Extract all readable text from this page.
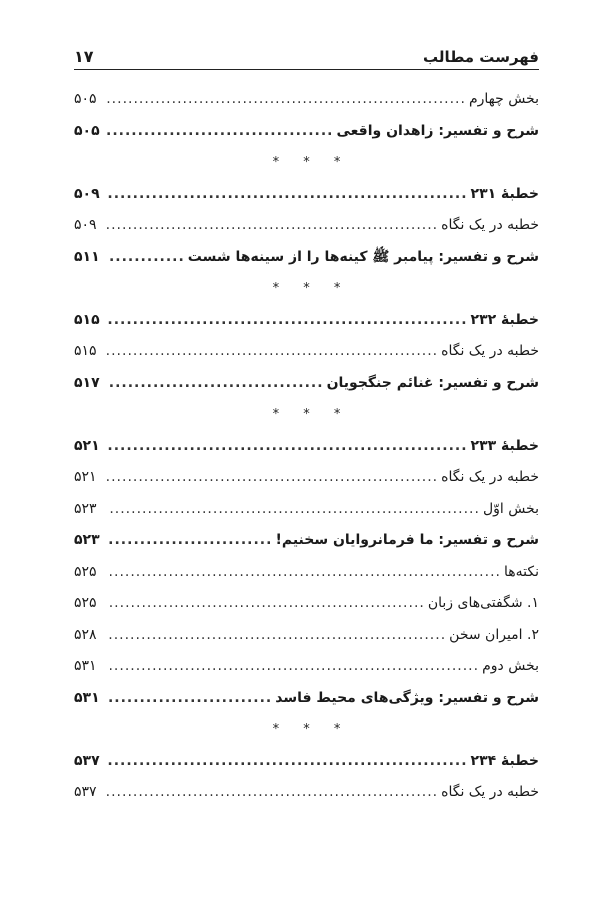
فهرست مطالب
۱۷
بخش چهارم
.....
۵۰۵
شرح و تفسیر: زاهدان واقعی
.....
۵۰۵
* * *
خطبهٔ ۲۳۱
.....
۵۰۹
خطبه در یک نگاه
.....
۵۰۹
شرح و تفسیر: پیامبر ﷺ کینه‌ها را از سینه‌ها شست
.....
۵۱۱
* * *
خطبهٔ ۲۳۲
.....
۵۱۵
خطبه در یک نگاه
.....
۵۱۵
شرح و تفسیر: غنائم جنگجویان
.....
۵۱۷
* * *
خطبهٔ ۲۳۳
.....
۵۲۱
خطبه در یک نگاه
.....
۵۲۱
بخش اوّل
.....
۵۲۳
شرح و تفسیر: ما فرمانروایان سخنیم!
.....
۵۲۳
نکته‌ها
.....
۵۲۵
۱. شگفتی‌های زبان
.....
۵۲۵
۲. امیران سخن
.....
۵۲۸
بخش دوم
.....
۵۳۱
شرح و تفسیر: ویژگی‌های محیط فاسد
.....
۵۳۱
* * *
خطبهٔ ۲۳۴
.....
۵۳۷
خطبه در یک نگاه
.....
۵۳۷
